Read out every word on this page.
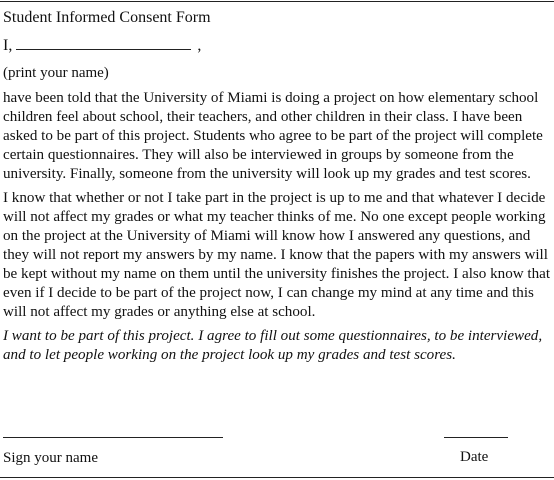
Student Informed Consent Form

I,	,
(print your name)

have been told that the University of Miami is doing a project on how elementary school children feel about school, their teachers, and other children in their class. I have been asked to be part of this project. Students who agree to be part of the project will complete certain questionnaires. They will also be interviewed in groups by someone from the university. Finally, someone from the university will look up my grades and test scores.

I know that whether or not I take part in the project is up to me and that whatever I decide will not affect my grades or what my teacher thinks of me. No one except people working on the project at the University of Miami will know how I answered any questions, and they will not report my answers by my name. I know that the papers with my answers will be kept without my name on them until the university finishes the project. I also know that even if I decide to be part of the project now, I can change my mind at any time and this will not affect my grades or anything else at school.

I want to be part of this project. I agree to fill out some questionnaires, to be interviewed, and to let people working on the project look up my grades and test scores.

Sign your name	Date
